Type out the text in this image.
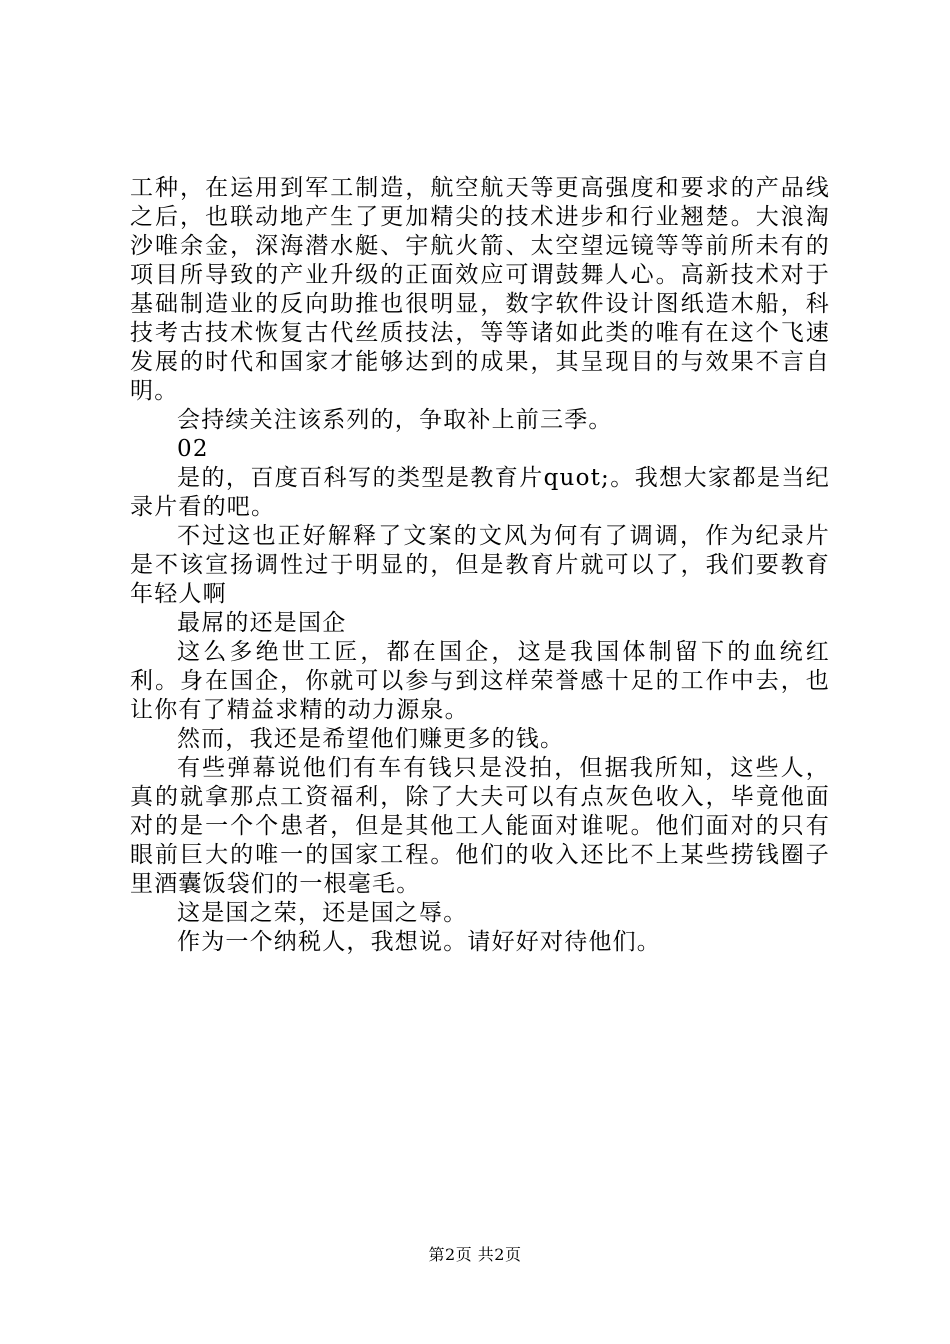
工种，在运用到军工制造，航空航天等更高强度和要求的产品线之后，也联动地产生了更加精尖的技术进步和行业翘楚。大浪淘沙唯余金，深海潜水艇、宇航火箭、太空望远镜等等前所未有的项目所导致的产业升级的正面效应可谓鼓舞人心。高新技术对于基础制造业的反向助推也很明显，数字软件设计图纸造木船，科技考古技术恢复古代丝质技法，等等诸如此类的唯有在这个飞速发展的时代和国家才能够达到的成果，其呈现目的与效果不言自明。

会持续关注该系列的，争取补上前三季。

02

是的，百度百科写的类型是教育片quot;。我想大家都是当纪录片看的吧。

不过这也正好解释了文案的文风为何有了调调，作为纪录片是不该宣扬调性过于明显的，但是教育片就可以了，我们要教育年轻人啊

最屌的还是国企

这么多绝世工匠，都在国企，这是我国体制留下的血统红利。身在国企，你就可以参与到这样荣誉感十足的工作中去，也让你有了精益求精的动力源泉。

然而，我还是希望他们赚更多的钱。

有些弹幕说他们有车有钱只是没拍，但据我所知，这些人，真的就拿那点工资福利，除了大夫可以有点灰色收入，毕竟他面对的是一个个患者，但是其他工人能面对谁呢。他们面对的只有眼前巨大的唯一的国家工程。他们的收入还比不上某些捞钱圈子里酒囊饭袋们的一根毫毛。

这是国之荣，还是国之辱。

作为一个纳税人，我想说。请好好对待他们。

第2页 共2页
